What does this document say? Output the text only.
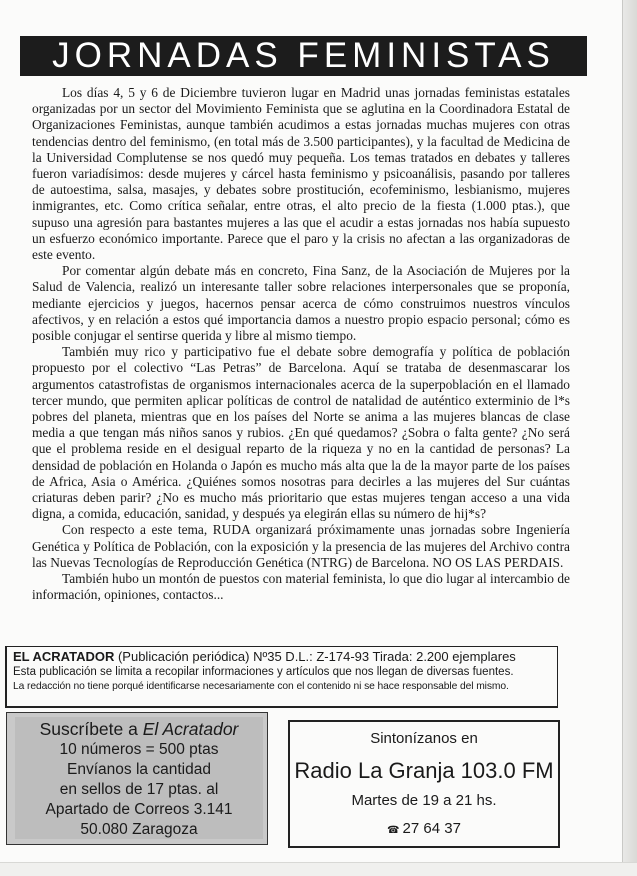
JORNADAS FEMINISTAS

Los días 4, 5 y 6 de Diciembre tuvieron lugar en Madrid unas jornadas feministas estatales organizadas por un sector del Movimiento Feminista que se aglutina en la Coordinadora Estatal de Organizaciones Feministas, aunque también acudimos a estas jornadas muchas mujeres con otras tendencias dentro del feminismo, (en total más de 3.500 participantes), y la facultad de Medicina de la Universidad Complutense se nos quedó muy pequeña. Los temas tratados en debates y talleres fueron variadísimos: desde mujeres y cárcel hasta feminismo y psicoanálisis, pasando por talleres de autoestima, salsa, masajes, y debates sobre prostitución, ecofeminismo, lesbianismo, mujeres inmigrantes, etc. Como crítica señalar, entre otras, el alto precio de la fiesta (1.000 ptas.), que supuso una agresión para bastantes mujeres a las que el acudir a estas jornadas nos había supuesto un esfuerzo económico importante. Parece que el paro y la crisis no afectan a las organizadoras de este evento.

Por comentar algún debate más en concreto, Fina Sanz, de la Asociación de Mujeres por la Salud de Valencia, realizó un interesante taller sobre relaciones interpersonales que se proponía, mediante ejercicios y juegos, hacernos pensar acerca de cómo construimos nuestros vínculos afectivos, y en relación a estos qué importancia damos a nuestro propio espacio personal; cómo es posible conjugar el sentirse querida y libre al mismo tiempo.

También muy rico y participativo fue el debate sobre demografía y política de población propuesto por el colectivo “Las Petras” de Barcelona. Aquí se trataba de desenmascarar los argumentos catastrofistas de organismos internacionales acerca de la superpoblación en el llamado tercer mundo, que permiten aplicar políticas de control de natalidad de auténtico exterminio de l*s pobres del planeta, mientras que en los países del Norte se anima a las mujeres blancas de clase media a que tengan más niños sanos y rubios. ¿En qué quedamos? ¿Sobra o falta gente? ¿No será que el problema reside en el desigual reparto de la riqueza y no en la cantidad de personas? La densidad de población en Holanda o Japón es mucho más alta que la de la mayor parte de los países de Africa, Asia o América. ¿Quiénes somos nosotras para decirles a las mujeres del Sur cuántas criaturas deben parir? ¿No es mucho más prioritario que estas mujeres tengan acceso a una vida digna, a comida, educación, sanidad, y después ya elegirán ellas su número de hij*s?

Con respecto a este tema, RUDA organizará próximamente unas jornadas sobre Ingeniería Genética y Política de Población, con la exposición y la presencia de las mujeres del Archivo contra las Nuevas Tecnologías de Reproducción Genética (NTRG) de Barcelona. NO OS LAS PERDAIS.

También hubo un montón de puestos con material feminista, lo que dio lugar al intercambio de información, opiniones, contactos...

EL ACRATADOR (Publicación periódica) Nº35 D.L.: Z-174-93 Tirada: 2.200 ejemplares
Esta publicación se limita a recopilar informaciones y artículos que nos llegan de diversas fuentes.
La redacción no tiene porqué identificarse necesariamente con el contenido ni se hace responsable del mismo.
Suscríbete a El Acratador
10 números = 500 ptas
Envíanos la cantidad
en sellos de 17 ptas. al
Apartado de Correos 3.141
50.080 Zaragoza
Sintonízanos en
Radio La Granja 103.0 FM
Martes de 19 a 21 hs.
☎ 27 64 37
